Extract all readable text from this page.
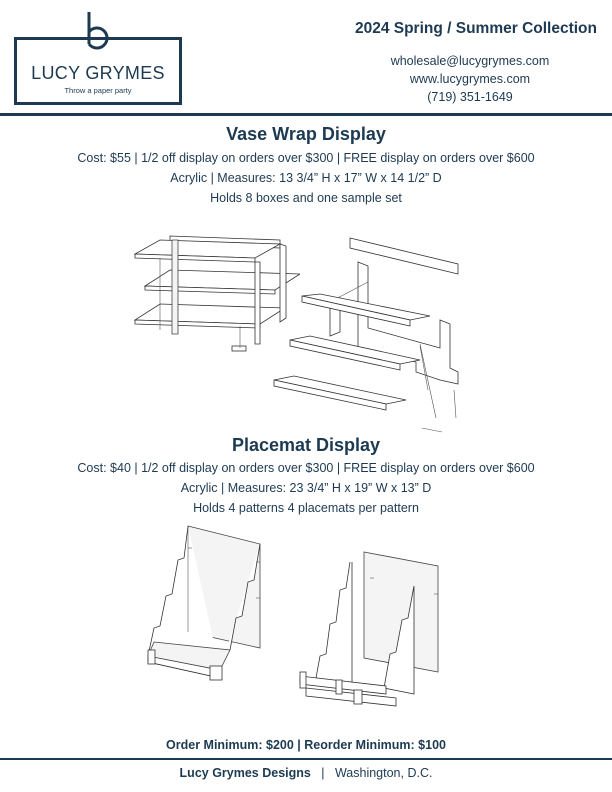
LUCY GRYMES
Throw a paper party
2024 Spring / Summer Collection
wholesale@lucygrymes.com
www.lucygrymes.com
(719) 351-1649
Vase Wrap Display
Cost: $55 | 1/2 off display on orders over $300 | FREE display on orders over $600
Acrylic | Measures: 13 3/4” H x 17” W x 14 1/2” D
Holds 8 boxes and one sample set
Placemat Display
Cost: $40 | 1/2 off display on orders over $300 | FREE display on orders over $600
Acrylic | Measures: 23 3/4” H x 19” W x 13” D
Holds 4 patterns 4 placemats per pattern
Order Minimum: $200 | Reorder Minimum: $100
Lucy Grymes Designs | Washington, D.C.
